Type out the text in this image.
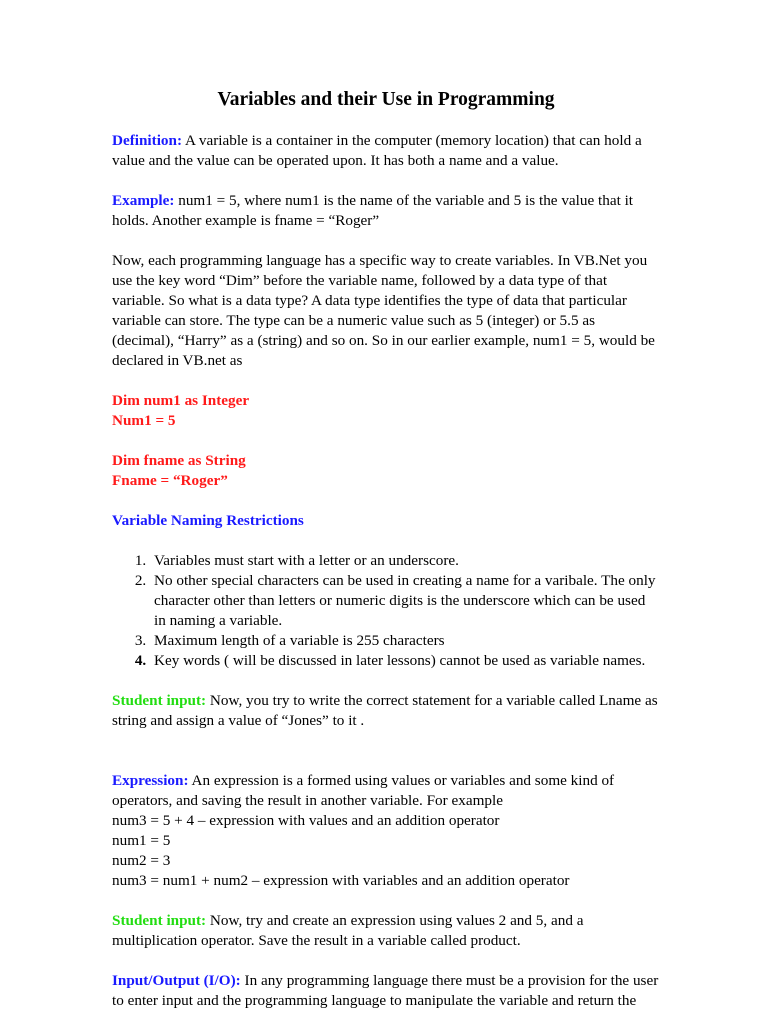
Variables and their Use in Programming

Definition: A variable is a container in the computer (memory location) that can hold a value and the value can be operated upon. It has both a name and a value.

Example: num1 = 5, where num1 is the name of the variable and 5 is the value that it holds. Another example is fname = “Roger”

Now, each programming language has a specific way to create variables. In VB.Net you use the key word “Dim” before the variable name, followed by a data type of that variable. So what is a data type? A data type identifies the type of data that particular variable can store. The type can be a numeric value such as 5 (integer) or 5.5 as (decimal), “Harry” as a (string) and so on. So in our earlier example, num1 = 5, would be declared in VB.net as

Dim num1 as Integer
Num1 = 5

Dim fname as String
Fname = “Roger”

Variable Naming Restrictions

1. Variables must start with a letter or an underscore.
2. No other special characters can be used in creating a name for a varibale. The only character other than letters or numeric digits is the underscore which can be used in naming a variable.
3. Maximum length of a variable is 255 characters
4. Key words ( will be discussed in later lessons) cannot be used as variable names.

Student input: Now, you try to write the correct statement for a variable called Lname as string and assign a value of “Jones” to it .

Expression: An expression is a formed using values or variables and some kind of operators, and saving the result in another variable. For example
num3 = 5 + 4 – expression with values and an addition operator
num1 = 5
num2 = 3
num3 = num1 + num2 – expression with variables and an addition operator

Student input: Now, try and create an expression using values 2 and 5, and a multiplication operator. Save the result in a variable called product.

Input/Output (I/O): In any programming language there must be a provision for the user to enter input and the programming language to manipulate the variable and return the
